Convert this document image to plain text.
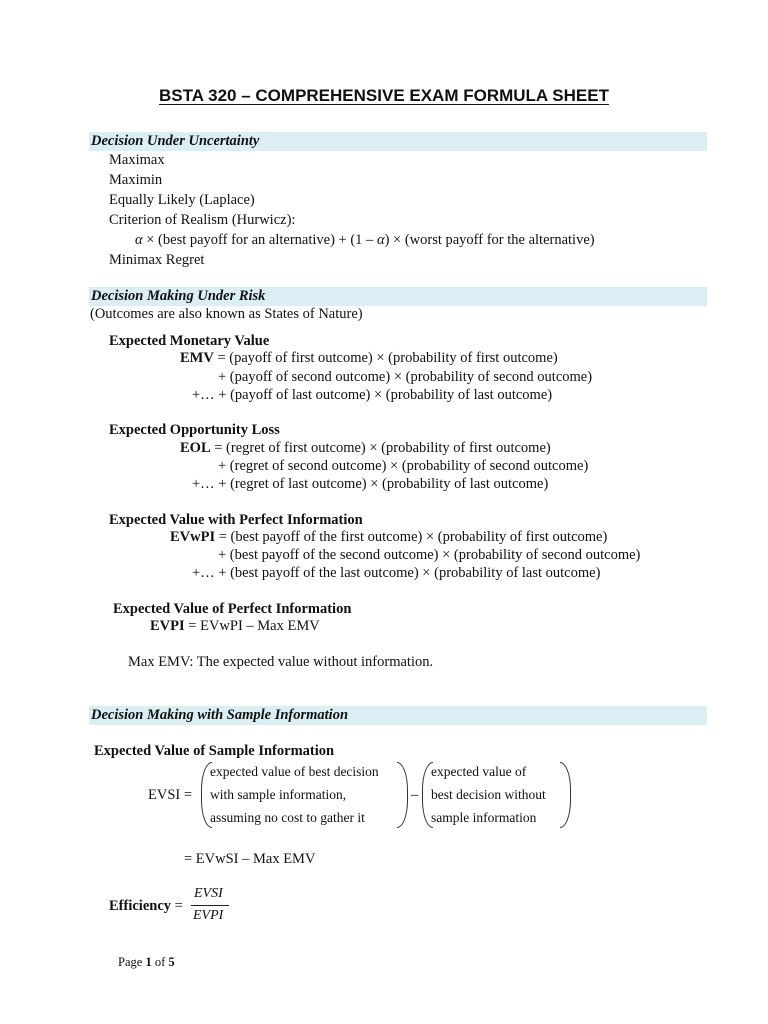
BSTA 320 – COMPREHENSIVE EXAM FORMULA SHEET
Decision Under Uncertainty
Maximax
Maximin
Equally Likely (Laplace)
Criterion of Realism (Hurwicz):
α × (best payoff for an alternative) + (1 – α) × (worst payoff for the alternative)
Minimax Regret
Decision Making Under Risk
(Outcomes are also known as States of Nature)
Expected Monetary Value
EMV = (payoff of first outcome) × (probability of first outcome)
+ (payoff of second outcome) × (probability of second outcome)
+… + (payoff of last outcome) × (probability of last outcome)
Expected Opportunity Loss
EOL = (regret of first outcome) × (probability of first outcome)
+ (regret of second outcome) × (probability of second outcome)
+… + (regret of last outcome) × (probability of last outcome)
Expected Value with Perfect Information
EVwPI = (best payoff of the first outcome) × (probability of first outcome)
+ (best payoff of the second outcome) × (probability of second outcome)
+… + (best payoff of the last outcome) × (probability of last outcome)
Expected Value of Perfect Information
EVPI = EVwPI – Max EMV
Max EMV: The expected value without information.
Decision Making with Sample Information
Expected Value of Sample Information
EVSI =
expected value of best decision
with sample information,
assuming no cost to gather it
–
expected value of
best decision without
sample information
= EVwSI – Max EMV
Efficiency =
EVSI
EVPI
Page 1 of 5
